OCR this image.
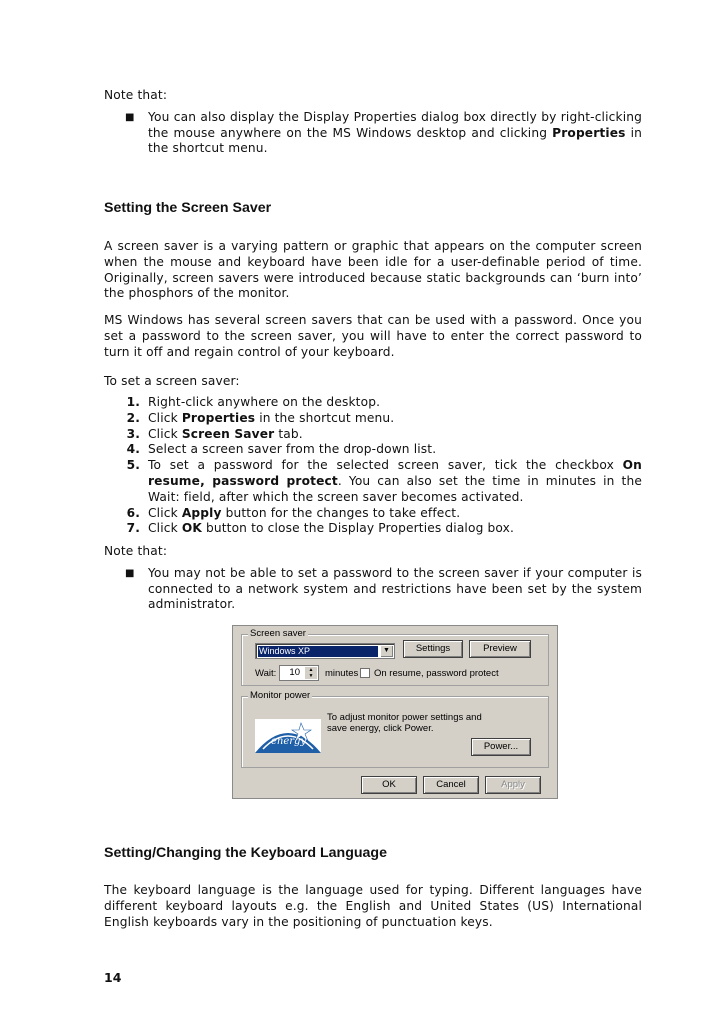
Note that:

■	You can also display the Display Properties dialog box directly by right-clicking the mouse anywhere on the MS Windows desktop and clicking Properties in the shortcut menu.

Setting the Screen Saver

A screen saver is a varying pattern or graphic that appears on the computer screen when the mouse and keyboard have been idle for a user-definable period of time. Originally, screen savers were introduced because static backgrounds can ‘burn into’ the phosphors of the monitor.

MS Windows has several screen savers that can be used with a password. Once you set a password to the screen saver, you will have to enter the correct password to turn it off and regain control of your keyboard.

To set a screen saver:

1. Right-click anywhere on the desktop.
2. Click Properties in the shortcut menu.
3. Click Screen Saver tab.
4. Select a screen saver from the drop-down list.
5. To set a password for the selected screen saver, tick the checkbox On resume, password protect. You can also set the time in minutes in the Wait: field, after which the screen saver becomes activated.
6. Click Apply button for the changes to take effect.
7. Click OK button to close the Display Properties dialog box.

Note that:

■	You may not be able to set a password to the screen saver if your computer is connected to a network system and restrictions have been set by the system administrator.

Setting/Changing the Keyboard Language

The keyboard language is the language used for typing. Different languages have different keyboard layouts e.g. the English and United States (US) International English keyboards vary in the positioning of punctuation keys.

14
Screen saver
Windows XP	▼	Settings	Preview
Wait:	10	▲
▼	minutes On resume, password protect
Monitor power
energy
To adjust monitor power settings and save energy, click Power.
Power...
OK	Cancel	Apply
